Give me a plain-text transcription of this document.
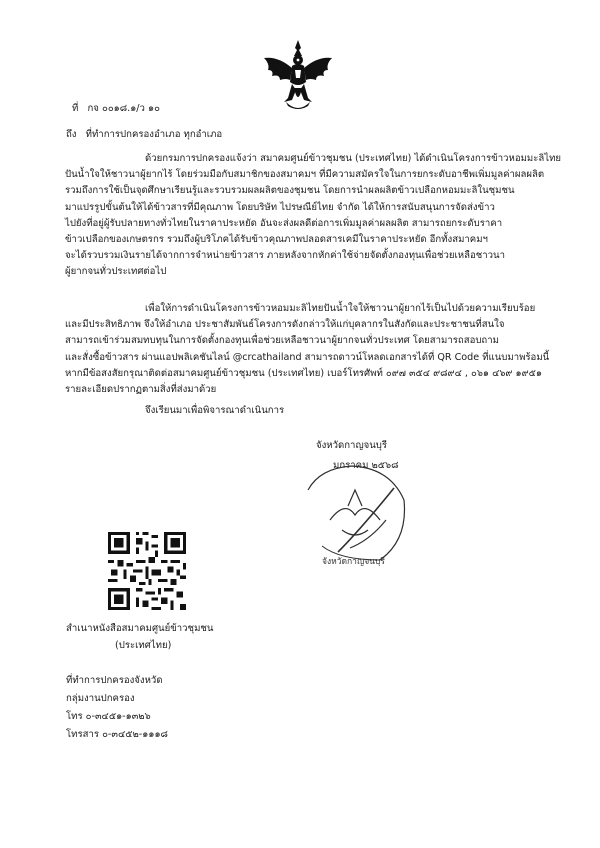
ที่ กจ ๐๐๑๘.๑/ว ๑๐
ถึง ที่ทำการปกครองอำเภอ ทุกอำเภอ
ด้วยกรมการปกครองแจ้งว่า สมาคมศูนย์ข้าวชุมชน (ประเทศไทย) ได้ดำเนินโครงการข้าวหอมมะลิไทย
ปันน้ำใจให้ชาวนาผู้ยากไร้ โดยร่วมมือกับสมาชิกของสมาคมฯ ที่มีความสมัครใจในการยกระดับอาชีพเพิ่มมูลค่าผลผลิต
รวมถึงการใช้เป็นจุดศึกษาเรียนรู้และรวบรวมผลผลิตของชุมชน โดยการนำผลผลิตข้าวเปลือกหอมมะลิในชุมชน
มาแปรรูปขั้นต้นให้ได้ข้าวสารที่มีคุณภาพ โดยบริษัท ไปรษณีย์ไทย จำกัด ได้ให้การสนับสนุนการจัดส่งข้าว
ไปยังที่อยู่ผู้รับปลายทางทั่วไทยในราคาประหยัด อันจะส่งผลดีต่อการเพิ่มมูลค่าผลผลิต สามารถยกระดับราคา
ข้าวเปลือกของเกษตรกร รวมถึงผู้บริโภคได้รับข้าวคุณภาพปลอดสารเคมีในราคาประหยัด อีกทั้งสมาคมฯ
จะได้รวบรวมเงินรายได้จากการจำหน่ายข้าวสาร ภายหลังจากหักค่าใช้จ่ายจัดตั้งกองทุนเพื่อช่วยเหลือชาวนา
ผู้ยากจนทั่วประเทศต่อไป
เพื่อให้การดำเนินโครงการข้าวหอมมะลิไทยปันน้ำใจให้ชาวนาผู้ยากไร้เป็นไปด้วยความเรียบร้อย
และมีประสิทธิภาพ จึงให้อำเภอ ประชาสัมพันธ์โครงการดังกล่าวให้แก่บุคลากรในสังกัดและประชาชนที่สนใจ
สามารถเข้าร่วมสมทบทุนในการจัดตั้งกองทุนเพื่อช่วยเหลือชาวนาผู้ยากจนทั่วประเทศ โดยสามารถสอบถาม
และสั่งซื้อข้าวสาร ผ่านแอปพลิเคชันไลน์ @crcathailand สามารถดาวน์โหลดเอกสารได้ที่ QR Code ที่แนบมาพร้อมนี้
หากมีข้อสงสัยกรุณาติดต่อสมาคมศูนย์ข้าวชุมชน (ประเทศไทย) เบอร์โทรศัพท์ ๐๙๗ ๓๕๔ ๙๘๙๔ , ๐๖๑ ๔๖๙ ๑๙๕๑
รายละเอียดปรากฏตามสิ่งที่ส่งมาด้วย
จึงเรียนมาเพื่อพิจารณาดำเนินการ
จังหวัดกาญจนบุรี
มกราคม ๒๕๖๘
จังหวัดกาญจนบุรี
สำเนาหนังสือสมาคมศูนย์ข้าวชุมชน
(ประเทศไทย)
ที่ทำการปกครองจังหวัด
กลุ่มงานปกครอง
โทร ๐-๓๔๕๑-๑๓๒๖
โทรสาร ๐-๓๔๕๒-๑๑๑๘
